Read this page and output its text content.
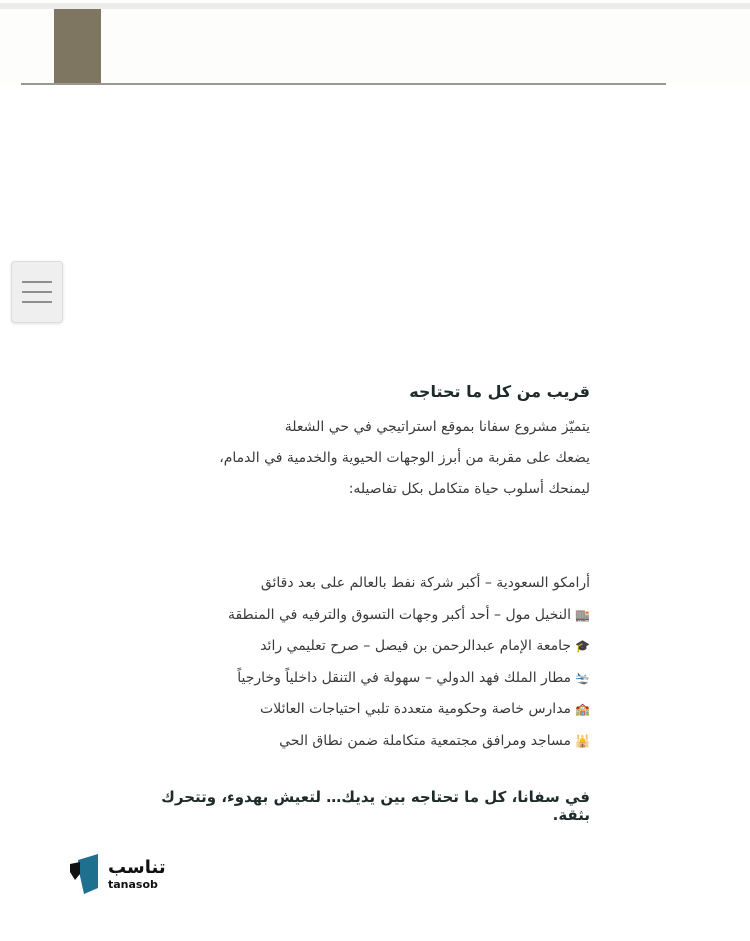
قريب من كل ما تحتاجه

يتميّز مشروع سفانا بموقع استراتيجي في حي الشعلة

يضعك على مقربة من أبرز الوجهات الحيوية والخدمية في الدمام،

ليمنحك أسلوب حياة متكامل بكل تفاصيله:

أرامكو السعودية – أكبر شركة نفط بالعالم على بعد دقائق
🏬النخيل مول – أحد أكبر وجهات التسوق والترفيه في المنطقة
🎓جامعة الإمام عبدالرحمن بن فيصل – صرح تعليمي رائد
🛬مطار الملك فهد الدولي – سهولة في التنقل داخلياً وخارجياً
🏫مدارس خاصة وحكومية متعددة تلبي احتياجات العائلات
🕌مساجد ومرافق مجتمعية متكاملة ضمن نطاق الحي
في سفانا، كل ما تحتاجه بين يديك… لتعيش بهدوء، وتتحرك بثقة.
تناسب
tanasob
